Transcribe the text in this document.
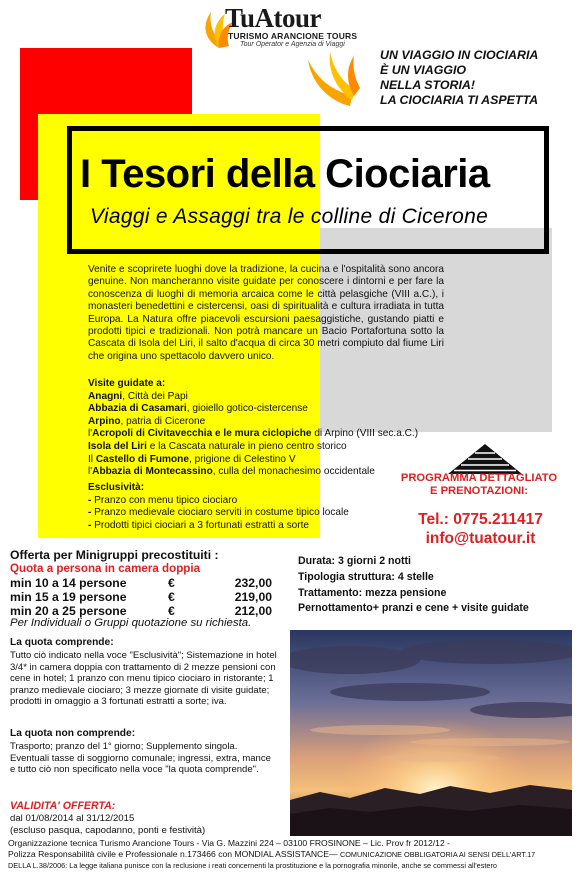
TuAtour
TURISMO ARANCIONE TOURS
Tour Operator e Agenzia di Viaggi
UN VIAGGIO IN CIOCIARIA
È UN VIAGGIO
NELLA STORIA!
LA CIOCIARIA TI ASPETTA
I Tesori della Ciociaria
Viaggi e Assaggi tra le colline di Cicerone
Venite e scoprirete luoghi dove la tradizione, la cucina e l'ospitalità sono ancora genuine. Non mancheranno visite guidate per conoscere i dintorni e per fare la conoscenza di luoghi di memoria arcaica come le città pelasgiche (VIII a.C.), i monasteri benedettini e cistercensi, oasi di spiritualità e cultura irradiata in tutta Europa. La Natura offre piacevoli escursioni paesaggistiche, gustando piatti e prodotti tipici e tradizionali. Non potrà mancare un Bacio Portafortuna sotto la Cascata di Isola del Liri, il salto d'acqua di circa 30 metri compiuto dal fiume Liri che origina uno spettacolo davvero unico.
Visite guidate a:
Anagni, Città dei Papi
Abbazia di Casamari, gioiello gotico-cistercense
Arpino, patria di Cicerone
l'Acropoli di Civitavecchia e le mura ciclopiche di Arpino (VIII sec.a.C.)
Isola del Liri e la Cascata naturale in pieno centro storico
Il Castello di Fumone, prigione di Celestino V
l'Abbazia di Montecassino, culla del monachesimo occidentale
Esclusività:
- Pranzo con menu tipico ciociaro
- Pranzo medievale ciociaro serviti in costume tipico locale
- Prodotti tipici ciociari a 3 fortunati estratti a sorte
PROGRAMMA DETTAGLIATO
E PRENOTAZIONI:
Tel.: 0775.211417
info@tuatour.it
Offerta per Minigruppi precostituiti :
Quota a persona in camera doppia
min 10 a 14 persone	€	232,00
min 15 a 19 persone	€	219,00
min 20 a 25 persone	€	212,00
Per Individuali o Gruppi quotazione su richiesta.
Durata: 3 giorni 2 notti
Tipologia struttura: 4 stelle
Trattamento: mezza pensione
Pernottamento+ pranzi e cene + visite guidate
La quota comprende:
Tutto ciò indicato nella voce "Esclusività"; Sistemazione in hotel 3/4* in camera doppia con trattamento di 2 mezze pensioni con cene in hotel; 1 pranzo con menu tipico ciociaro in ristorante; 1 pranzo medievale ciociaro; 3 mezze giornate di visite guidate; prodotti in omaggio a 3 fortunati estratti a sorte; iva.
La quota non comprende:
Trasporto; pranzo del 1° giorno; Supplemento singola. Eventuali tasse di soggiorno comunale; ingressi, extra, mance e tutto ciò non specificato nella voce "la quota comprende".
VALIDITA' OFFERTA:
dal 01/08/2014 al 31/12/2015
(escluso pasqua, capodanno, ponti e festività)
Organizzazione tecnica Turismo Arancione Tours - Via G. Mazzini 224 – 03100 FROSINONE – Lic. Prov fr 2012/12 -
Polizza Responsabilità civile e Professionale n.173466 con MONDIAL ASSISTANCE— COMUNICAZIONE OBBLIGATORIA AI SENSI DELL'ART.17
DELLA L.38/2006: La legge italiana punisce con la reclusione i reati concernenti la prostituzione e la pornografia minorile, anche se commessi all'estero
